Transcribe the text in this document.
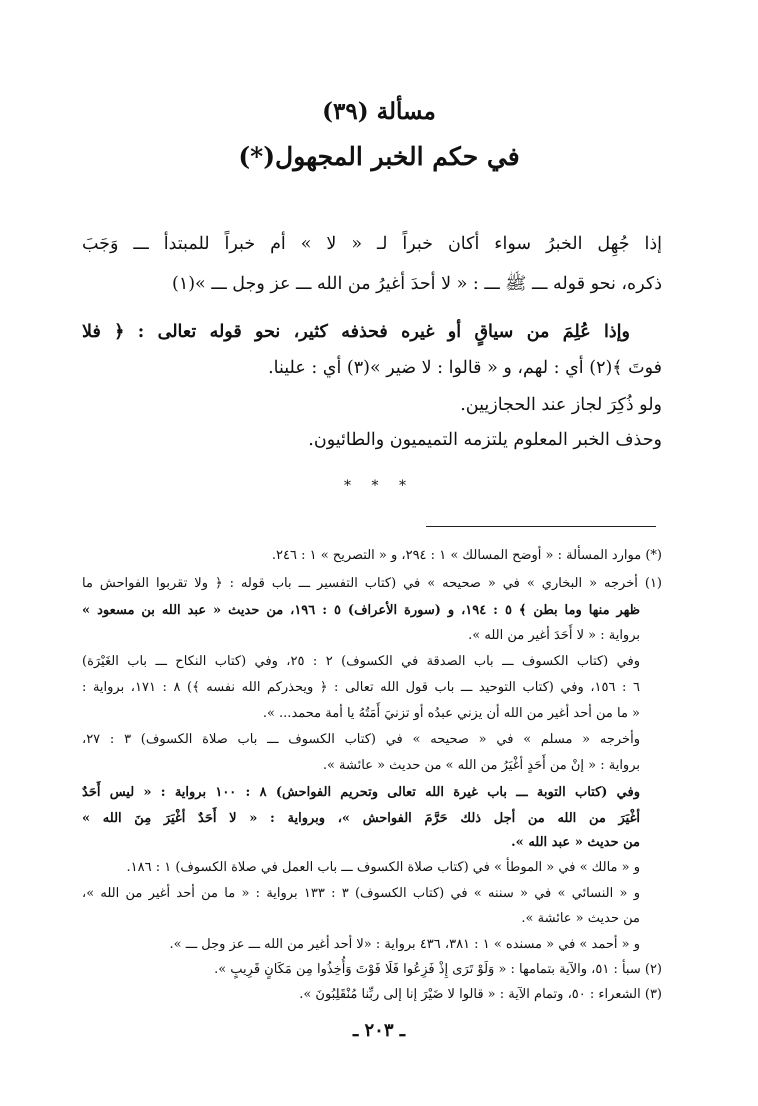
مسألة (٣٩)
في حكم الخبر المجهول(*)
إذا جُهِل الخبرُ سواء أكان خبراً لـ « لا » أم خبراً للمبتدأ ـــ وَجَبَ
ذكره، نحو قوله ـــ ﷺ ـــ : « لا أحدَ أغيرُ من الله ـــ عز وجل ـــ »(١)
وإذا عُلِمَ من سياقٍ أو غيره فحذفه كثير، نحو قوله تعالى : ﴿ فلا
فوتَ ﴾(٢) أي : لهم، و « قالوا : لا ضير »(٣) أي : علينا.
ولو ذُكِرَ لجاز عند الحجازيين.
وحذف الخبر المعلوم يلتزمه التميميون والطائيون.
* * *
(*) موارد المسألة : « أوضح المسالك » ١ : ٢٩٤، و « التصريح » ١ : ٢٤٦.
(١) أخرجه « البخاري » في « صحيحه » في (كتاب التفسير ـــ باب قوله : ﴿ ولا تقربوا الفواحش ما
ظهر منها وما بطن ﴾ ٥ : ١٩٤، و (سورة الأعراف) ٥ : ١٩٦، من حديث « عبد الله بن مسعود »
برواية : « لا أَحَدَ أغير من الله ».
وفي (كتاب الكسوف ـــ باب الصدقة في الكسوف) ٢ : ٢٥، وفي (كتاب النكاح ـــ باب الغَيْرَة)
٦ : ١٥٦، وفي (كتاب التوحيد ـــ باب قول الله تعالى : ﴿ ويحذركم الله نفسه ﴾) ٨ : ١٧١، برواية :
« ما من أحد أغير من الله أن يزني عبدُه أو تزنيَ أَمَتُهُ يا أمة محمد... ».
وأخرجه « مسلم » في « صحيحه » في (كتاب الكسوف ـــ باب صلاة الكسوف) ٣ : ٢٧،
برواية : « إنْ من أَحَدٍ أغْيَرُ من الله » من حديث « عائشة ».
وفي (كتاب التوبة ـــ باب غيرة الله تعالى وتحريم الفواحش) ٨ : ١٠٠ برواية : « ليس أَحَدٌ
أغْيَرَ من الله من أجل ذلك حَرَّمَ الفواحش »، وبرواية : « لا أَحَدٌ أغْيَرَ مِنَ الله »
من حديث « عبد الله ».
و « مالك » في « الموطأ » في (كتاب صلاة الكسوف ـــ باب العمل في صلاة الكسوف) ١ : ١٨٦.
و « النسائي » في « سننه » في (كتاب الكسوف) ٣ : ١٣٣ برواية : « ما من أحد أغير من الله »،
من حديث « عائشة ».
و « أحمد » في « مسنده » ١ : ٣٨١، ٤٣٦ برواية : «لا أحد أغير من الله ـــ عز وجل ـــ ».
(٢) سبأ : ٥١، والآية بتمامها : « وَلَوْ تَرَى إِذْ فَزِعُوا فَلَا فَوْتَ وَأُخِذُوا مِن مَكَانٍ قَرِيبٍ ».
(٣) الشعراء : ٥٠، وتمام الآية : « قالوا لا ضَيْرَ إنا إلى ربِّنا مُنْقَلِبُونَ ».
ـ ٢٠٣ ـ
